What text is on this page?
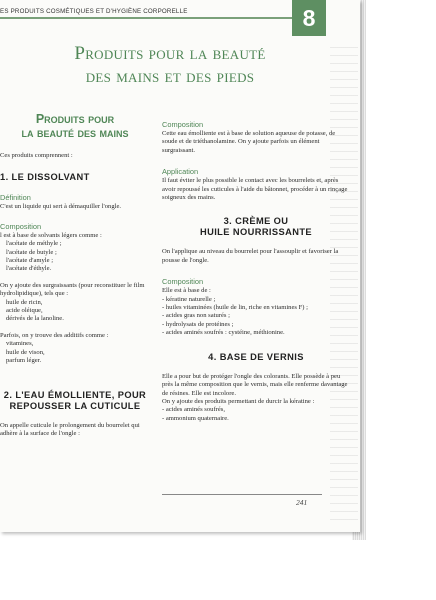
ES PRODUITS COSMÉTIQUES ET D'HYGIÈNE CORPORELLE	8
Produits pour la beauté
des mains et des pieds
Produits pour
la beauté des mains

Ces produits comprennent :

1. LE DISSOLVANT
Définition

C'est un liquide qui sert à démaquiller l'ongle.

Composition

l est à base de solvants légers comme :

l'acétate de méthyle ;
l'acétate de butyle ;
l'acétate d'amyle ;
l'acétate d'éthyle.

On y ajoute des surgraissants (pour reconstituer le film hydrolipidique), tels que :

huile de ricin,
acide oléique,
dérivés de la lanoline.

Parfois, on y trouve des additifs comme :

vitamines,
huile de vison,
parfum léger.
2. L'EAU ÉMOLLIENTE, POUR
REPOUSSER LA CUTICULE

On appelle cuticule le prolongement du bourrelet qui adhère à la surface de l'ongle :

Composition

Cette eau émolliente est à base de solution aqueuse de potasse, de soude et de triéthanolamine. On y ajoute parfois un élément surgraissant.

Application

Il faut éviter le plus possible le contact avec les bourrelets et, après avoir repoussé les cuticules à l'aide du bâtonnet, procéder à un rinçage soigneux des mains.

3. CRÈME OU
HUILE NOURRISSANTE

On l'applique au niveau du bourrelet pour l'assouplir et favoriser la pousse de l'ongle.

Composition

Elle est à base de :

- kératine naturelle ;
- huiles vitaminées (huile de lin, riche en vitamines F) ;
- acides gras non saturés ;
- hydrolysats de protéines ;
- acides aminés soufrés : cystéine, méthionine.
4. BASE DE VERNIS

Elle a pour but de protéger l'ongle des colorants. Elle possède à peu près la même composition que le vernis, mais elle renferme davantage de résines. Elle est incolore.

On y ajoute des produits permettant de durcir la kératine :

- acides aminés soufrés,
- ammonium quaternaire.
241
